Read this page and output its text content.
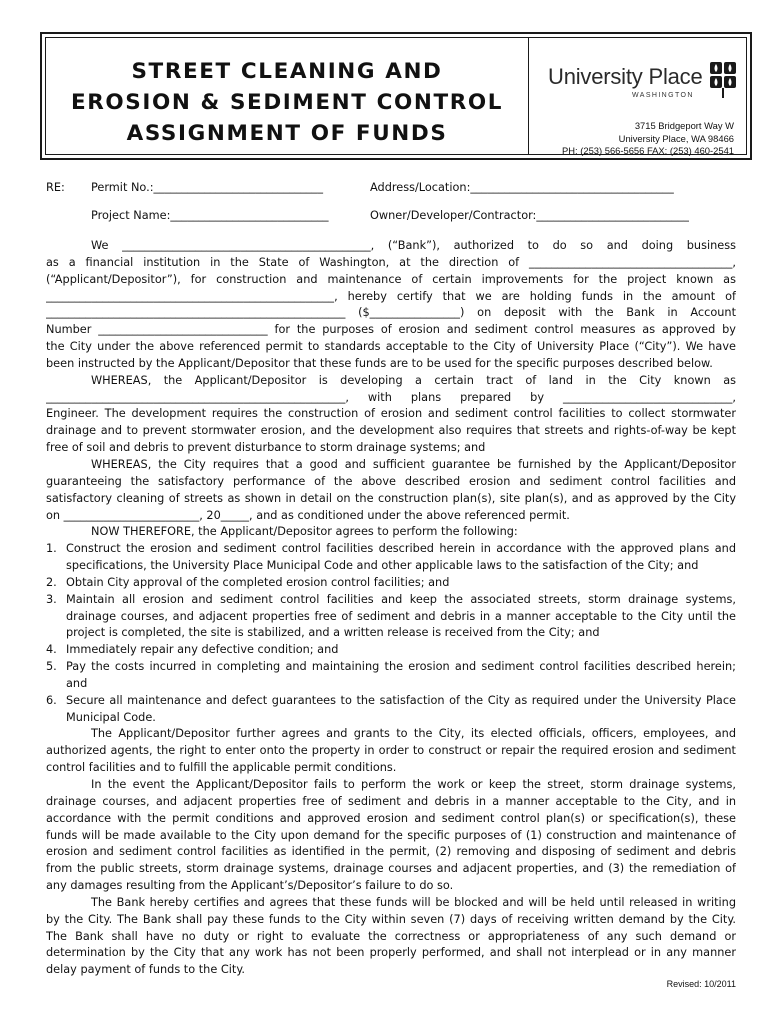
STREET CLEANING AND
EROSION & SEDIMENT CONTROL
ASSIGNMENT OF FUNDS
University Place
WASHINGTON
3715 Bridgeport Way W
University Place, WA 98466
PH: (253) 566-5656 FAX: (253) 460-2541
RE: Permit No.:______________________________	Address/Location:____________________________________
Project Name:____________________________	Owner/Developer/Contractor:___________________________
We ____________________________________________, (“Bank”), authorized to do so and doing business
as a financial institution in the State of Washington, at the direction of ____________________________________,
(“Applicant/Depositor”), for construction and maintenance of certain improvements for the project known as
___________________________________________________, hereby certify that we are holding funds in the amount of
_____________________________________________________ ($________________) on deposit with the Bank in Account
Number ______________________________ for the purposes of erosion and sediment control measures as approved by
the City under the above referenced permit to standards acceptable to the City of University Place (“City”). We have
been instructed by the Applicant/Depositor that these funds are to be used for the specific purposes described below.
WHEREAS, the Applicant/Depositor is developing a certain tract of land in the City known as
_____________________________________________________, with plans prepared by ______________________________,
Engineer. The development requires the construction of erosion and sediment control facilities to collect stormwater
drainage and to prevent stormwater erosion, and the development also requires that streets and rights-of-way be kept
free of soil and debris to prevent disturbance to storm drainage systems; and
WHEREAS, the City requires that a good and sufficient guarantee be furnished by the Applicant/Depositor
guaranteeing the satisfactory performance of the above described erosion and sediment control facilities and
satisfactory cleaning of streets as shown in detail on the construction plan(s), site plan(s), and as approved by the City
on ________________________, 20_____, and as conditioned under the above referenced permit.
NOW THEREFORE, the Applicant/Depositor agrees to perform the following:
1. Construct the erosion and sediment control facilities described herein in accordance with the approved plans and
specifications, the University Place Municipal Code and other applicable laws to the satisfaction of the City; and
2. Obtain City approval of the completed erosion control facilities; and
3. Maintain all erosion and sediment control facilities and keep the associated streets, storm drainage systems,
drainage courses, and adjacent properties free of sediment and debris in a manner acceptable to the City until the
project is completed, the site is stabilized, and a written release is received from the City; and
4. Immediately repair any defective condition; and
5. Pay the costs incurred in completing and maintaining the erosion and sediment control facilities described herein;
and
6. Secure all maintenance and defect guarantees to the satisfaction of the City as required under the University Place
Municipal Code.
The Applicant/Depositor further agrees and grants to the City, its elected officials, officers, employees, and
authorized agents, the right to enter onto the property in order to construct or repair the required erosion and sediment
control facilities and to fulfill the applicable permit conditions.
In the event the Applicant/Depositor fails to perform the work or keep the street, storm drainage systems,
drainage courses, and adjacent properties free of sediment and debris in a manner acceptable to the City, and in
accordance with the permit conditions and approved erosion and sediment control plan(s) or specification(s), these
funds will be made available to the City upon demand for the specific purposes of (1) construction and maintenance of
erosion and sediment control facilities as identified in the permit, (2) removing and disposing of sediment and debris
from the public streets, storm drainage systems, drainage courses and adjacent properties, and (3) the remediation of
any damages resulting from the Applicant’s/Depositor’s failure to do so.
The Bank hereby certifies and agrees that these funds will be blocked and will be held until released in writing
by the City. The Bank shall pay these funds to the City within seven (7) days of receiving written demand by the City.
The Bank shall have no duty or right to evaluate the correctness or appropriateness of any such demand or
determination by the City that any work has not been properly performed, and shall not interplead or in any manner
delay payment of funds to the City.
Revised: 10/2011
